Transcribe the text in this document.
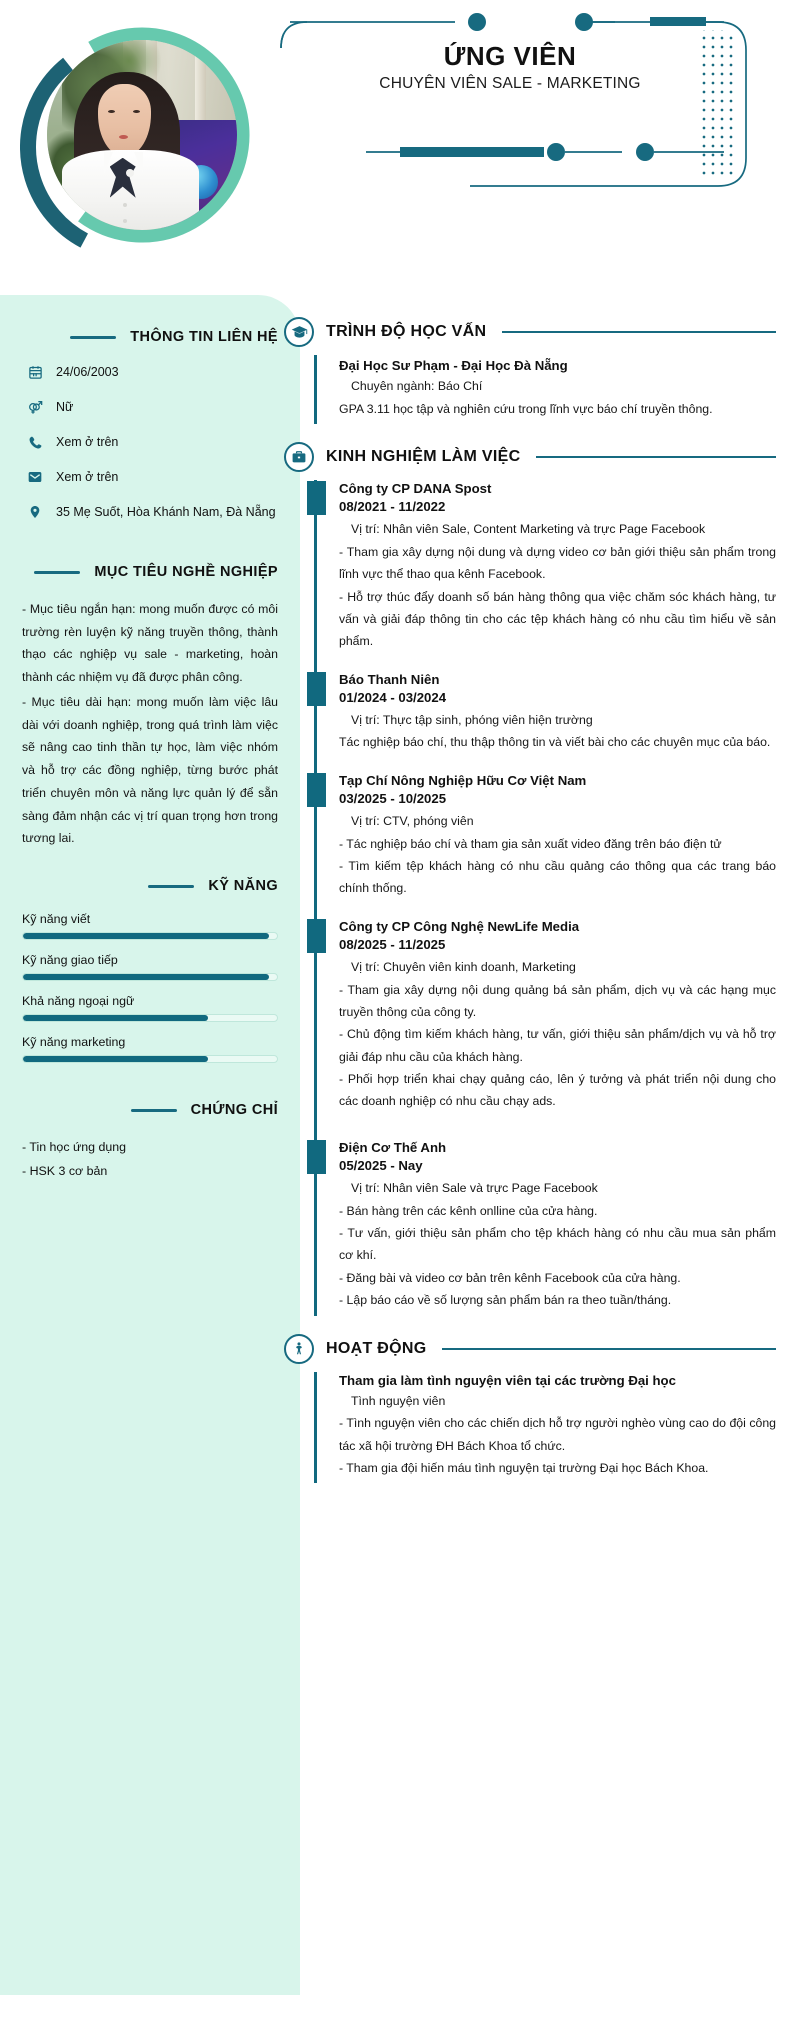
ỨNG VIÊN
CHUYÊN VIÊN SALE - MARKETING
THÔNG TIN LIÊN HỆ
24/06/2003
Nữ
Xem ở trên
Xem ở trên
35 Mẹ Suốt, Hòa Khánh Nam, Đà Nẵng
MỤC TIÊU NGHỀ NGHIỆP

- Mục tiêu ngắn hạn: mong muốn được có môi trường rèn luyện kỹ năng truyền thông, thành thạo các nghiệp vụ sale - marketing, hoàn thành các nhiệm vụ đã được phân công.

- Mục tiêu dài hạn: mong muốn làm việc lâu dài với doanh nghiệp, trong quá trình làm việc sẽ nâng cao tinh thần tự học, làm việc nhóm và hỗ trợ các đồng nghiệp, từng bước phát triển chuyên môn và năng lực quản lý để sẵn sàng đảm nhận các vị trí quan trọng hơn trong tương lai.

KỸ NĂNG
Kỹ năng viết
Kỹ năng giao tiếp
Khả năng ngoại ngữ
Kỹ năng marketing
CHỨNG CHỈ
- Tin học ứng dụng
- HSK 3 cơ bản
TRÌNH ĐỘ HỌC VẤN
Đại Học Sư Phạm - Đại Học Đà Nẵng
Chuyên ngành: Báo Chí
GPA 3.11 học tập và nghiên cứu trong lĩnh vực báo chí truyền thông.
KINH NGHIỆM LÀM VIỆC
Công ty CP DANA Spost
08/2021 - 11/2022
Vị trí: Nhân viên Sale, Content Marketing và trực Page Facebook
- Tham gia xây dựng nội dung và dựng video cơ bản giới thiệu sản phẩm trong lĩnh vực thể thao qua kênh Facebook.
- Hỗ trợ thúc đẩy doanh số bán hàng thông qua việc chăm sóc khách hàng, tư vấn và giải đáp thông tin cho các tệp khách hàng có nhu cầu tìm hiểu về sản phẩm.
Báo Thanh Niên
01/2024 - 03/2024
Vị trí: Thực tập sinh, phóng viên hiện trường
Tác nghiệp báo chí, thu thập thông tin và viết bài cho các chuyên mục của báo.
Tạp Chí Nông Nghiệp Hữu Cơ Việt Nam
03/2025 - 10/2025
Vị trí: CTV, phóng viên
- Tác nghiệp báo chí và tham gia sản xuất video đăng trên báo điện tử
- Tìm kiếm tệp khách hàng có nhu cầu quảng cáo thông qua các trang báo chính thống.
Công ty CP Công Nghệ NewLife Media
08/2025 - 11/2025
Vị trí: Chuyên viên kinh doanh, Marketing
- Tham gia xây dựng nội dung quảng bá sản phẩm, dịch vụ và các hạng mục truyền thông của công ty.
- Chủ động tìm kiếm khách hàng, tư vấn, giới thiệu sản phẩm/dịch vụ và hỗ trợ giải đáp nhu cầu của khách hàng.
- Phối hợp triển khai chạy quảng cáo, lên ý tưởng và phát triển nội dung cho các doanh nghiệp có nhu cầu chạy ads.
Điện Cơ Thế Anh
05/2025 - Nay
Vị trí: Nhân viên Sale và trực Page Facebook
- Bán hàng trên các kênh onlline của cửa hàng.
- Tư vấn, giới thiệu sản phẩm cho tệp khách hàng có nhu cầu mua sản phẩm cơ khí.
- Đăng bài và video cơ bản trên kênh Facebook của cửa hàng.
- Lập báo cáo về số lượng sản phẩm bán ra theo tuần/tháng.
HOẠT ĐỘNG
Tham gia làm tình nguyện viên tại các trường Đại học
Tình nguyện viên
- Tình nguyện viên cho các chiến dịch hỗ trợ người nghèo vùng cao do đội công tác xã hội trường ĐH Bách Khoa tổ chức.
- Tham gia đội hiến máu tình nguyện tại trường Đại học Bách Khoa.
